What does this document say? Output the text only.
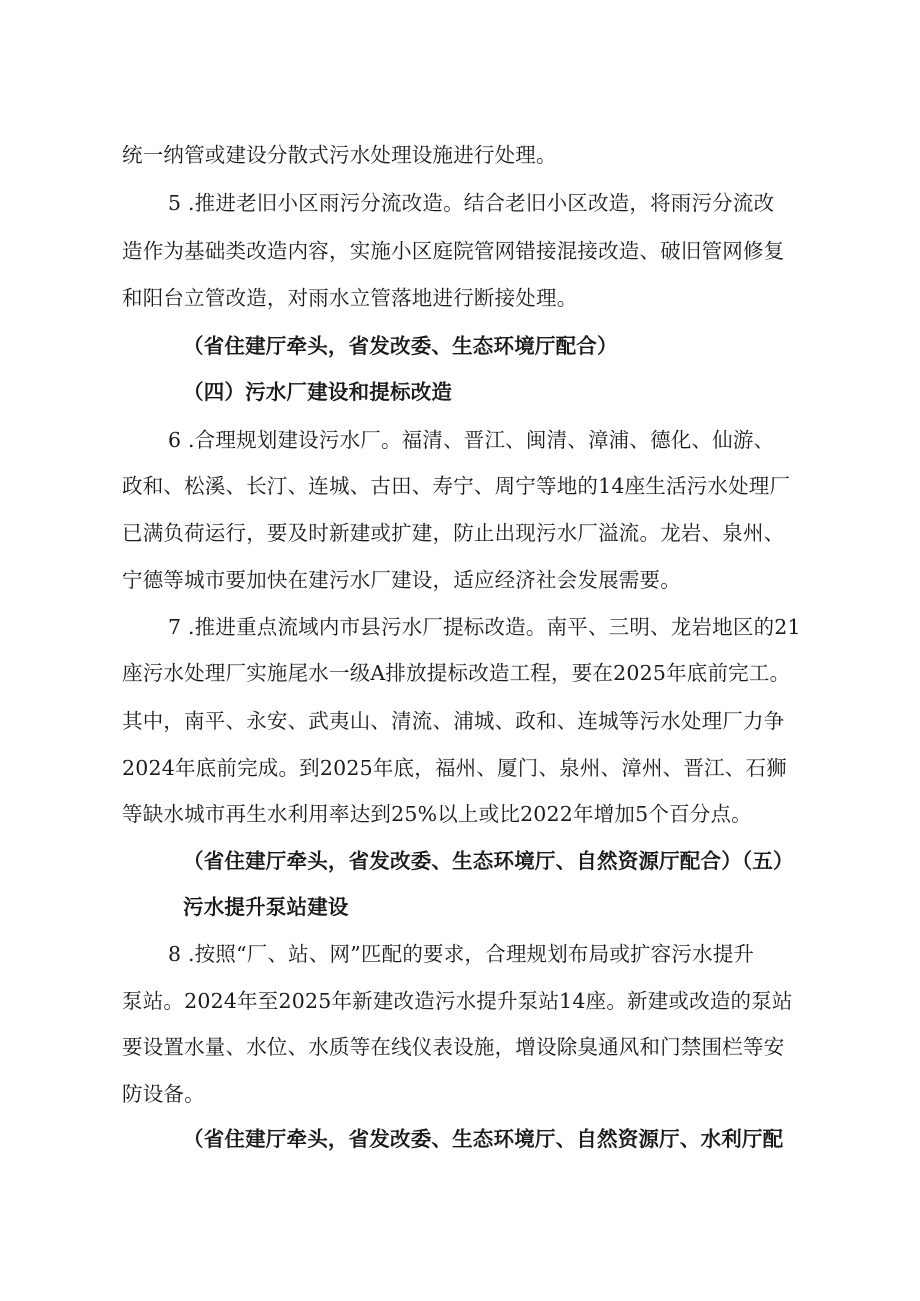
统一纳管或建设分散式污水处理设施进行处理。
5 .推进老旧小区雨污分流改造。结合老旧小区改造，将雨污分流改
造作为基础类改造内容，实施小区庭院管网错接混接改造、破旧管网修复
和阳台立管改造，对雨水立管落地进行断接处理。
（省住建厅牵头，省发改委、生态环境厅配合）
（四）污水厂建设和提标改造
6 .合理规划建设污水厂。福清、晋江、闽清、漳浦、德化、仙游、
政和、松溪、长汀、连城、古田、寿宁、周宁等地的14座生活污水处理厂
已满负荷运行，要及时新建或扩建，防止出现污水厂溢流。龙岩、泉州、
宁德等城市要加快在建污水厂建设，适应经济社会发展需要。
7 .推进重点流域内市县污水厂提标改造。南平、三明、龙岩地区的21
座污水处理厂实施尾水一级A排放提标改造工程，要在2025年底前完工。
其中，南平、永安、武夷山、清流、浦城、政和、连城等污水处理厂力争
2024年底前完成。到2025年底，福州、厦门、泉州、漳州、晋江、石狮
等缺水城市再生水利用率达到25%以上或比2022年增加5个百分点。
（省住建厅牵头，省发改委、生态环境厅、自然资源厅配合）（五）
污水提升泵站建设
8 .按照“厂、站、网”匹配的要求，合理规划布局或扩容污水提升
泵站。2024年至2025年新建改造污水提升泵站14座。新建或改造的泵站
要设置水量、水位、水质等在线仪表设施，增设除臭通风和门禁围栏等安
防设备。
（省住建厅牵头，省发改委、生态环境厅、自然资源厅、水利厅配
